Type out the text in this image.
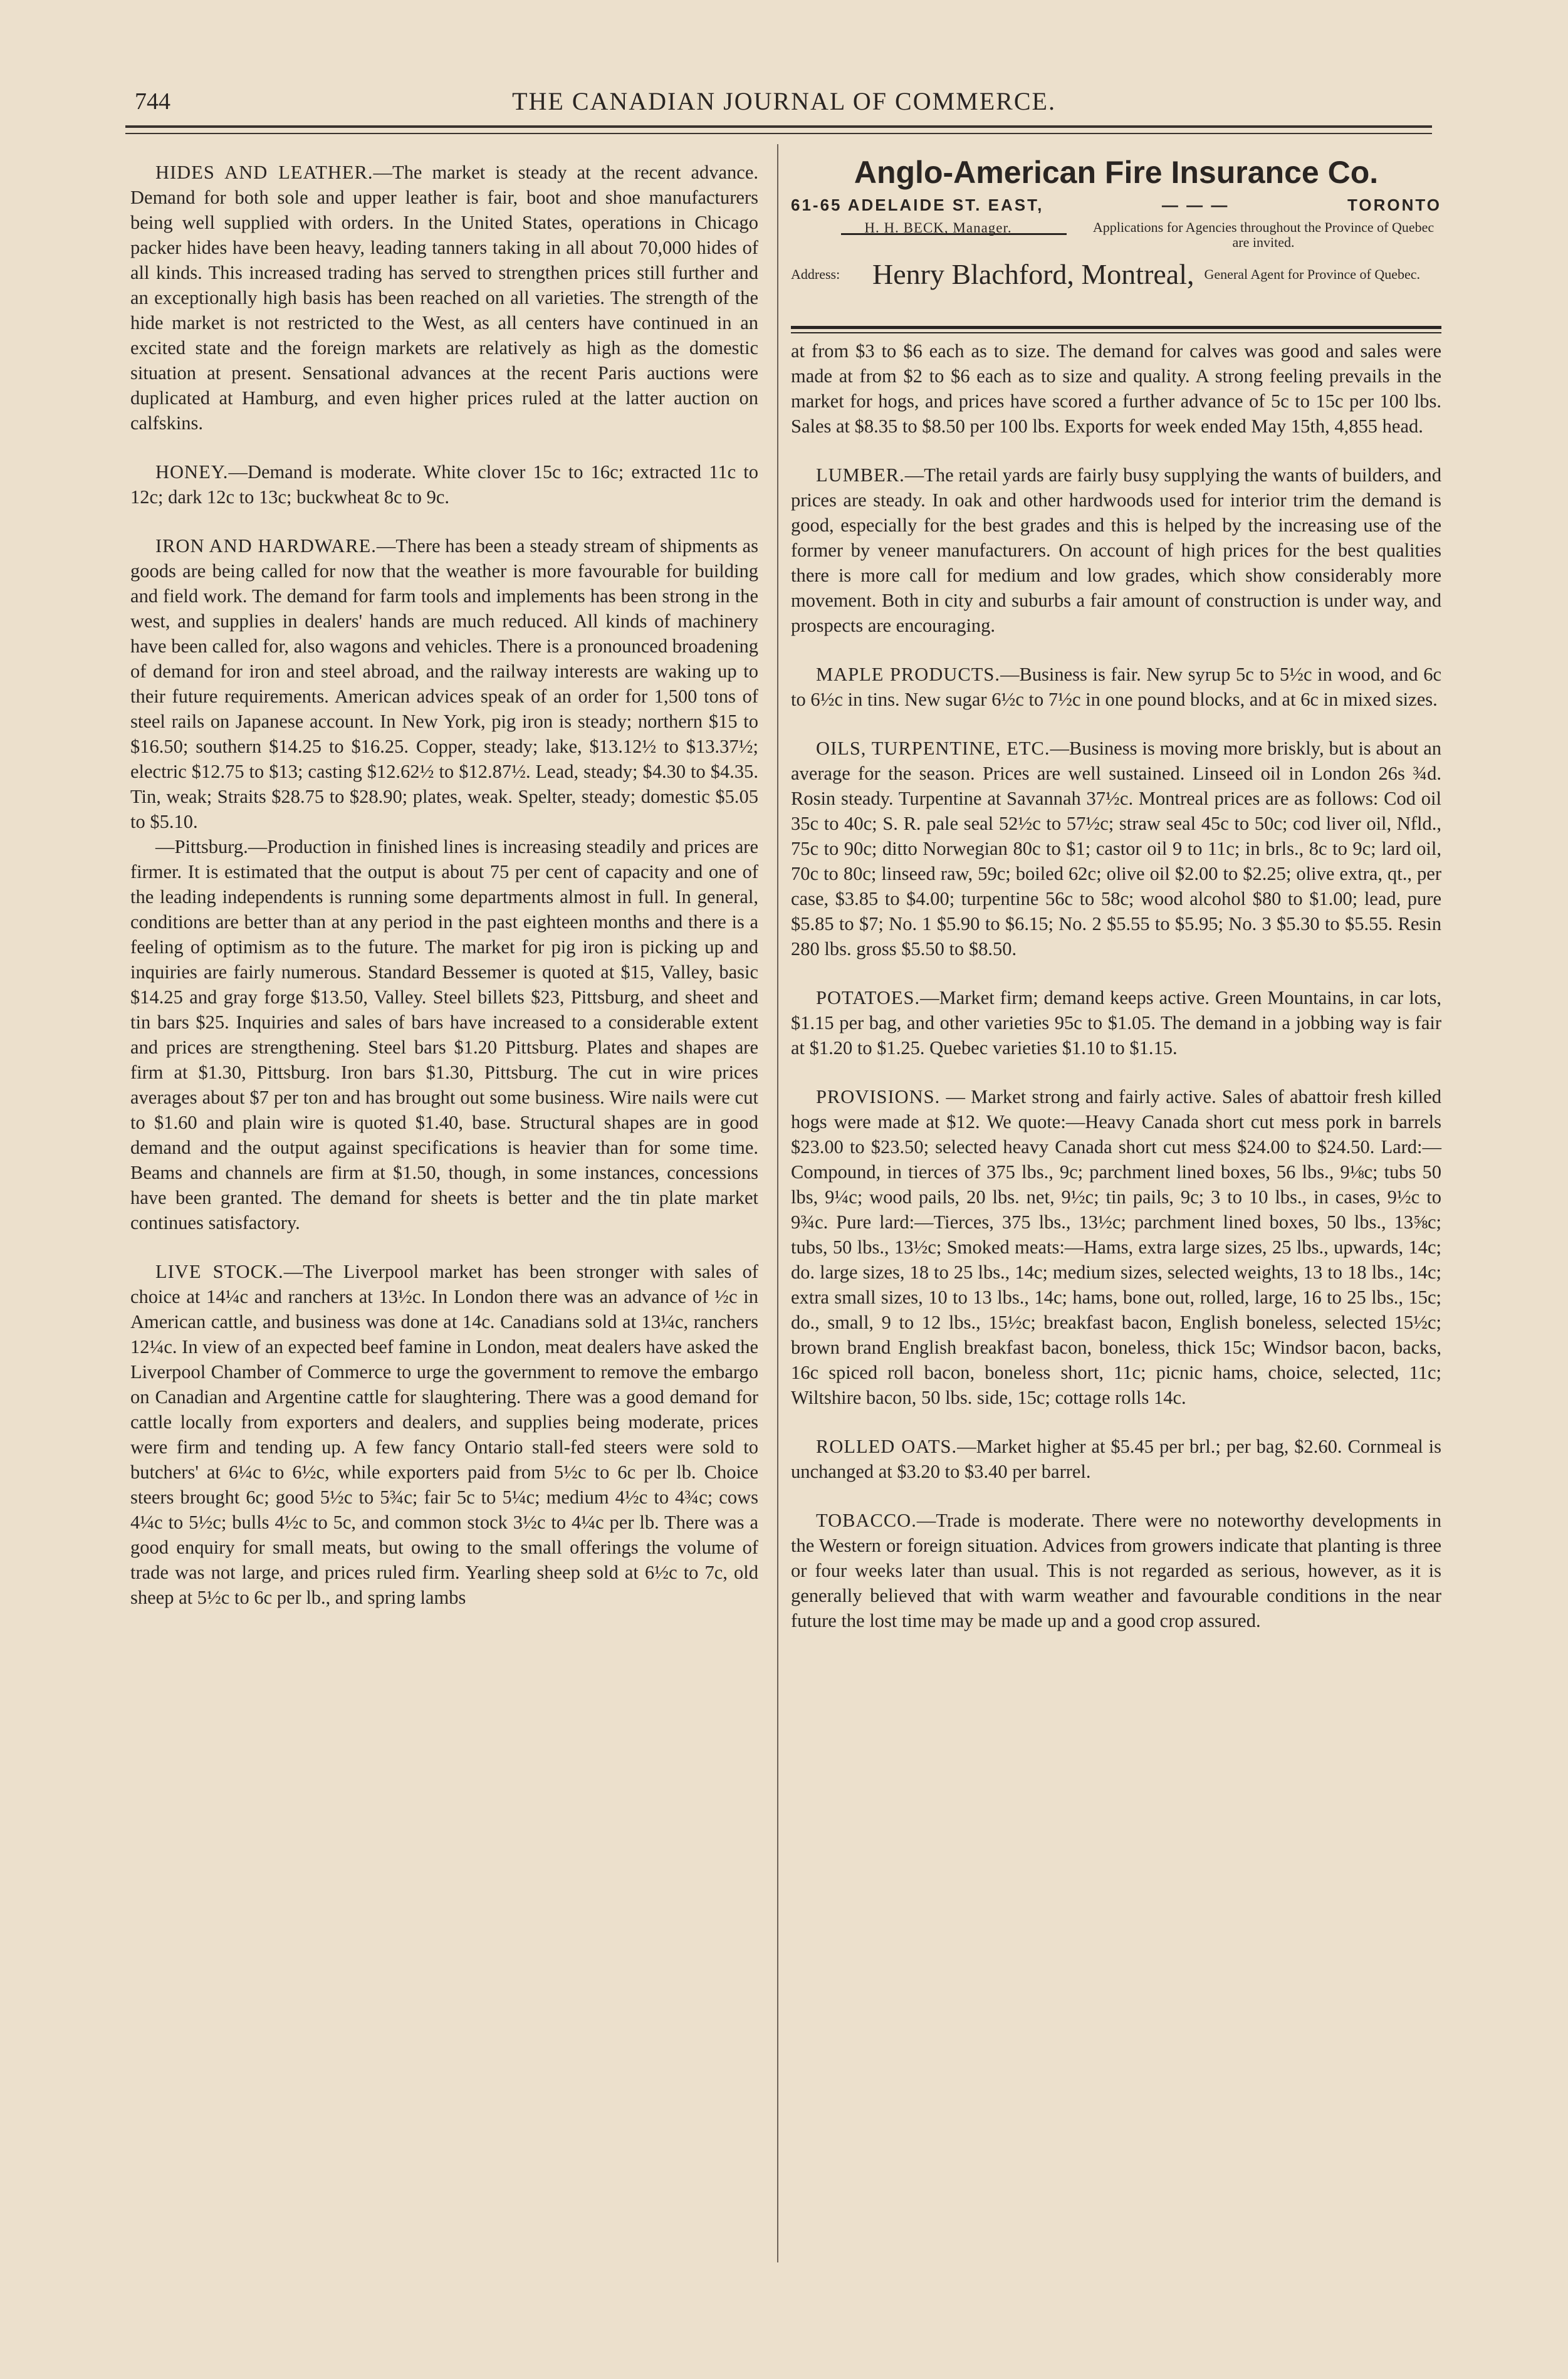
744	THE CANADIAN JOURNAL OF COMMERCE.

HIDES AND LEATHER.—The market is steady at the recent advance. Demand for both sole and upper leather is fair, boot and shoe manufacturers being well supplied with orders. In the United States, operations in Chicago packer hides have been heavy, leading tanners taking in all about 70,000 hides of all kinds. This increased trading has served to strengthen prices still further and an exceptionally high basis has been reached on all varieties. The strength of the hide market is not restricted to the West, as all centers have continued in an excited state and the foreign markets are relatively as high as the domestic situation at present. Sensational advances at the recent Paris auctions were duplicated at Hamburg, and even higher prices ruled at the latter auction on calfskins.

HONEY.—Demand is moderate. White clover 15c to 16c; extracted 11c to 12c; dark 12c to 13c; buckwheat 8c to 9c.

IRON AND HARDWARE.—There has been a steady stream of shipments as goods are being called for now that the weather is more favourable for building and field work. The demand for farm tools and implements has been strong in the west, and supplies in dealers' hands are much reduced. All kinds of machinery have been called for, also wagons and vehicles. There is a pronounced broadening of demand for iron and steel abroad, and the railway interests are waking up to their future requirements. American advices speak of an order for 1,500 tons of steel rails on Japanese account. In New York, pig iron is steady; northern $15 to $16.50; southern $14.25 to $16.25. Copper, steady; lake, $13.12½ to $13.37½; electric $12.75 to $13; casting $12.62½ to $12.87½. Lead, steady; $4.30 to $4.35. Tin, weak; Straits $28.75 to $28.90; plates, weak. Spelter, steady; domestic $5.05 to $5.10.

—Pittsburg.—Production in finished lines is increasing steadily and prices are firmer. It is estimated that the output is about 75 per cent of capacity and one of the leading independents is running some departments almost in full. In general, conditions are better than at any period in the past eighteen months and there is a feeling of optimism as to the future. The market for pig iron is picking up and inquiries are fairly numerous. Standard Bessemer is quoted at $15, Valley, basic $14.25 and gray forge $13.50, Valley. Steel billets $23, Pittsburg, and sheet and tin bars $25. Inquiries and sales of bars have increased to a considerable extent and prices are strengthening. Steel bars $1.20 Pittsburg. Plates and shapes are firm at $1.30, Pittsburg. Iron bars $1.30, Pittsburg. The cut in wire prices averages about $7 per ton and has brought out some business. Wire nails were cut to $1.60 and plain wire is quoted $1.40, base. Structural shapes are in good demand and the output against specifications is heavier than for some time. Beams and channels are firm at $1.50, though, in some instances, concessions have been granted. The demand for sheets is better and the tin plate market continues satisfactory.

LIVE STOCK.—The Liverpool market has been stronger with sales of choice at 14¼c and ranchers at 13½c. In London there was an advance of ½c in American cattle, and business was done at 14c. Canadians sold at 13¼c, ranchers 12¼c. In view of an expected beef famine in London, meat dealers have asked the Liverpool Chamber of Commerce to urge the government to remove the embargo on Canadian and Argentine cattle for slaughtering. There was a good demand for cattle locally from exporters and dealers, and supplies being moderate, prices were firm and tending up. A few fancy Ontario stall-fed steers were sold to butchers' at 6¼c to 6½c, while exporters paid from 5½c to 6c per lb. Choice steers brought 6c; good 5½c to 5¾c; fair 5c to 5¼c; medium 4½c to 4¾c; cows 4¼c to 5½c; bulls 4½c to 5c, and common stock 3½c to 4¼c per lb. There was a good enquiry for small meats, but owing to the small offerings the volume of trade was not large, and prices ruled firm. Yearling sheep sold at 6½c to 7c, old sheep at 5½c to 6c per lb., and spring lambs

Anglo-American Fire Insurance Co.
61-65 ADELAIDE ST. EAST,	— — —	TORONTO
H. H. BECK, Manager.	Applications for Agencies throughout the Province of Quebec are invited.
Address:	Henry Blachford, Montreal, General Agent for Province of Quebec.

at from $3 to $6 each as to size. The demand for calves was good and sales were made at from $2 to $6 each as to size and quality. A strong feeling prevails in the market for hogs, and prices have scored a further advance of 5c to 15c per 100 lbs. Sales at $8.35 to $8.50 per 100 lbs. Exports for week ended May 15th, 4,855 head.

LUMBER.—The retail yards are fairly busy supplying the wants of builders, and prices are steady. In oak and other hardwoods used for interior trim the demand is good, especially for the best grades and this is helped by the increasing use of the former by veneer manufacturers. On account of high prices for the best qualities there is more call for medium and low grades, which show considerably more movement. Both in city and suburbs a fair amount of construction is under way, and prospects are encouraging.

MAPLE PRODUCTS.—Business is fair. New syrup 5c to 5½c in wood, and 6c to 6½c in tins. New sugar 6½c to 7½c in one pound blocks, and at 6c in mixed sizes.

OILS, TURPENTINE, ETC.—Business is moving more briskly, but is about an average for the season. Prices are well sustained. Linseed oil in London 26s ¾d. Rosin steady. Turpentine at Savannah 37½c. Montreal prices are as follows: Cod oil 35c to 40c; S. R. pale seal 52½c to 57½c; straw seal 45c to 50c; cod liver oil, Nfld., 75c to 90c; ditto Norwegian 80c to $1; castor oil 9 to 11c; in brls., 8c to 9c; lard oil, 70c to 80c; linseed raw, 59c; boiled 62c; olive oil $2.00 to $2.25; olive extra, qt., per case, $3.85 to $4.00; turpentine 56c to 58c; wood alcohol $80 to $1.00; lead, pure $5.85 to $7; No. 1 $5.90 to $6.15; No. 2 $5.55 to $5.95; No. 3 $5.30 to $5.55. Resin 280 lbs. gross $5.50 to $8.50.

POTATOES.—Market firm; demand keeps active. Green Mountains, in car lots, $1.15 per bag, and other varieties 95c to $1.05. The demand in a jobbing way is fair at $1.20 to $1.25. Quebec varieties $1.10 to $1.15.

PROVISIONS. — Market strong and fairly active. Sales of abattoir fresh killed hogs were made at $12. We quote:—Heavy Canada short cut mess pork in barrels $23.00 to $23.50; selected heavy Canada short cut mess $24.00 to $24.50. Lard:—Compound, in tierces of 375 lbs., 9c; parchment lined boxes, 56 lbs., 9⅛c; tubs 50 lbs, 9¼c; wood pails, 20 lbs. net, 9½c; tin pails, 9c; 3 to 10 lbs., in cases, 9½c to 9¾c. Pure lard:—Tierces, 375 lbs., 13½c; parchment lined boxes, 50 lbs., 13⅝c; tubs, 50 lbs., 13½c; Smoked meats:—Hams, extra large sizes, 25 lbs., upwards, 14c; do. large sizes, 18 to 25 lbs., 14c; medium sizes, selected weights, 13 to 18 lbs., 14c; extra small sizes, 10 to 13 lbs., 14c; hams, bone out, rolled, large, 16 to 25 lbs., 15c; do., small, 9 to 12 lbs., 15½c; breakfast bacon, English boneless, selected 15½c; brown brand English breakfast bacon, boneless, thick 15c; Windsor bacon, backs, 16c spiced roll bacon, boneless short, 11c; picnic hams, choice, selected, 11c; Wiltshire bacon, 50 lbs. side, 15c; cottage rolls 14c.

ROLLED OATS.—Market higher at $5.45 per brl.; per bag, $2.60. Cornmeal is unchanged at $3.20 to $3.40 per barrel.

TOBACCO.—Trade is moderate. There were no noteworthy developments in the Western or foreign situation. Advices from growers indicate that planting is three or four weeks later than usual. This is not regarded as serious, however, as it is generally believed that with warm weather and favourable conditions in the near future the lost time may be made up and a good crop assured.
